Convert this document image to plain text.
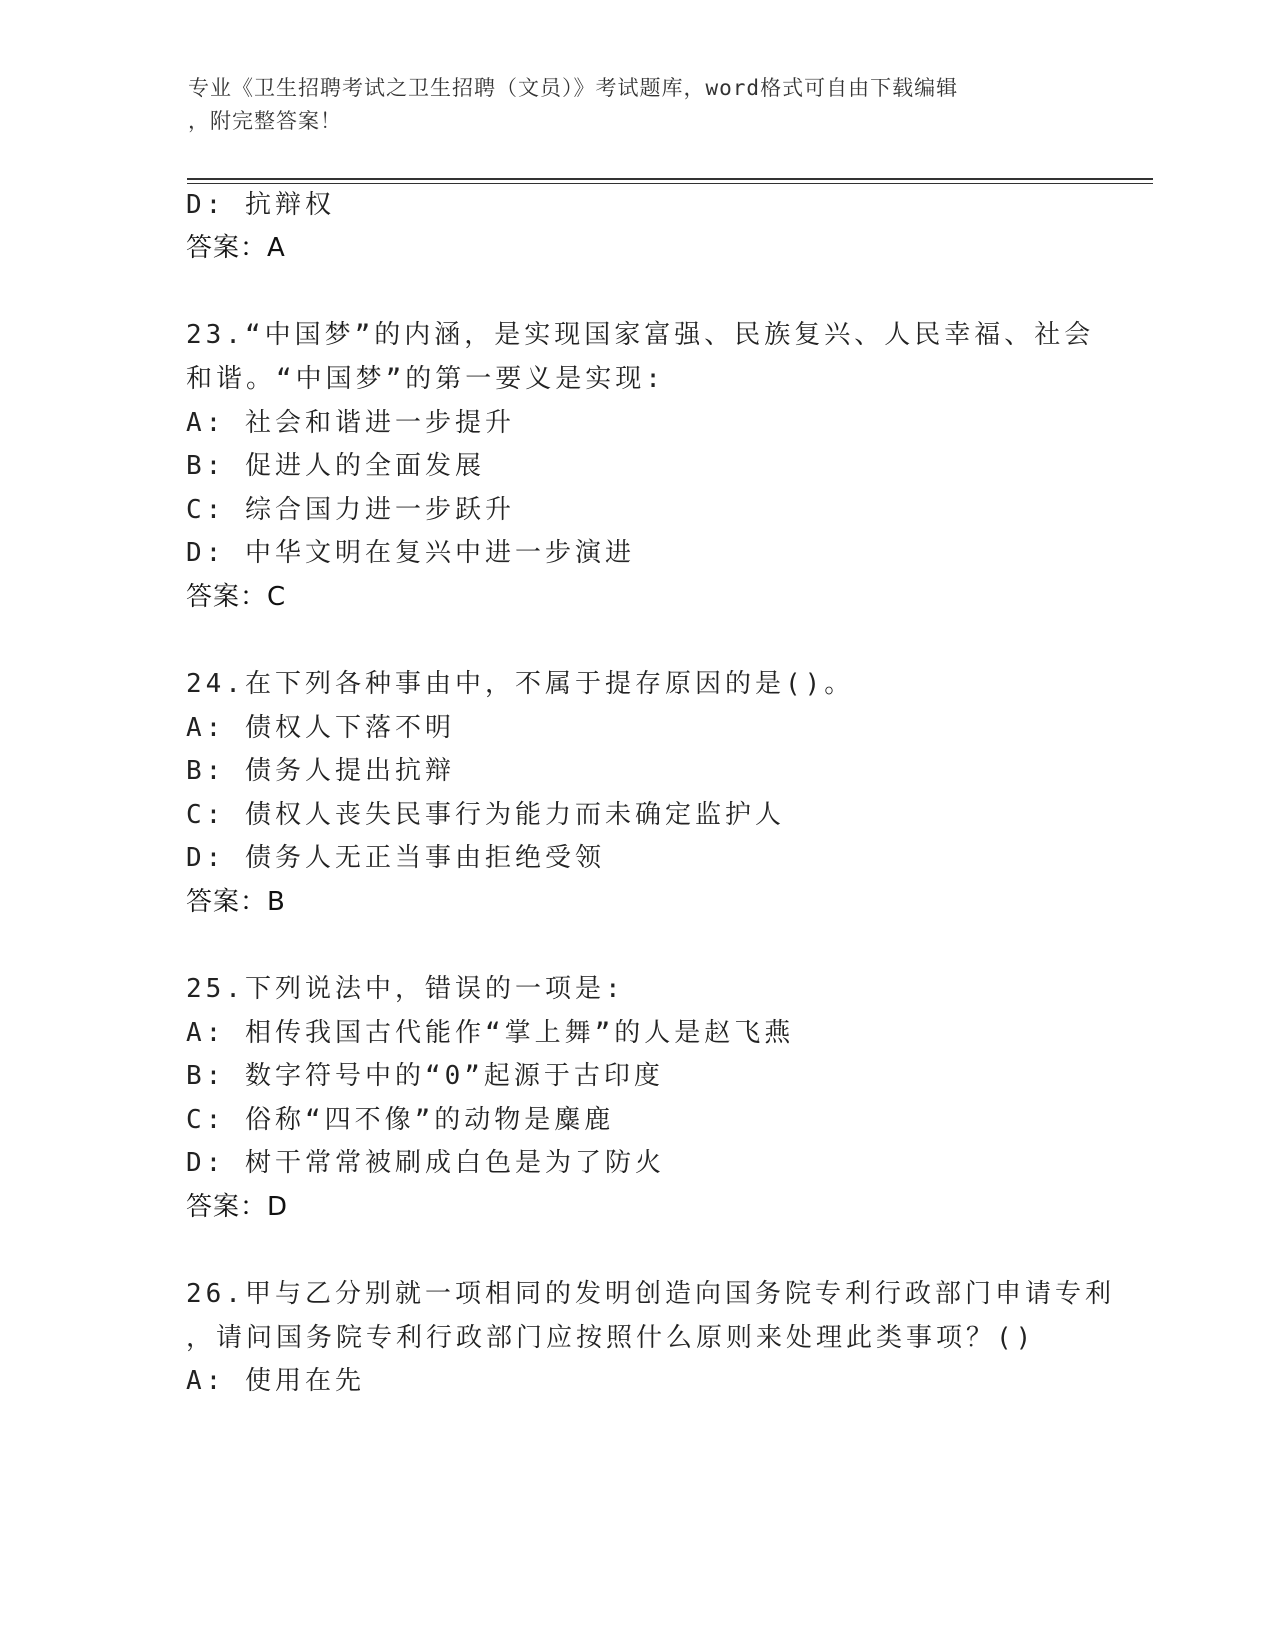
专业《卫生招聘考试之卫生招聘（文员）》考试题库，word格式可自由下载编辑
，附完整答案！
D: 抗辩权
答案：A
23.“中国梦”的内涵，是实现国家富强、民族复兴、人民幸福、社会
和谐。“中国梦”的第一要义是实现:
A: 社会和谐进一步提升
B: 促进人的全面发展
C: 综合国力进一步跃升
D: 中华文明在复兴中进一步演进
答案：C
24.在下列各种事由中，不属于提存原因的是()。
A: 债权人下落不明
B: 债务人提出抗辩
C: 债权人丧失民事行为能力而未确定监护人
D: 债务人无正当事由拒绝受领
答案：B
25.下列说法中，错误的一项是:
A: 相传我国古代能作“掌上舞”的人是赵飞燕
B: 数字符号中的“0”起源于古印度
C: 俗称“四不像”的动物是麋鹿
D: 树干常常被刷成白色是为了防火
答案：D
26.甲与乙分别就一项相同的发明创造向国务院专利行政部门申请专利
，请问国务院专利行政部门应按照什么原则来处理此类事项？()
A: 使用在先
